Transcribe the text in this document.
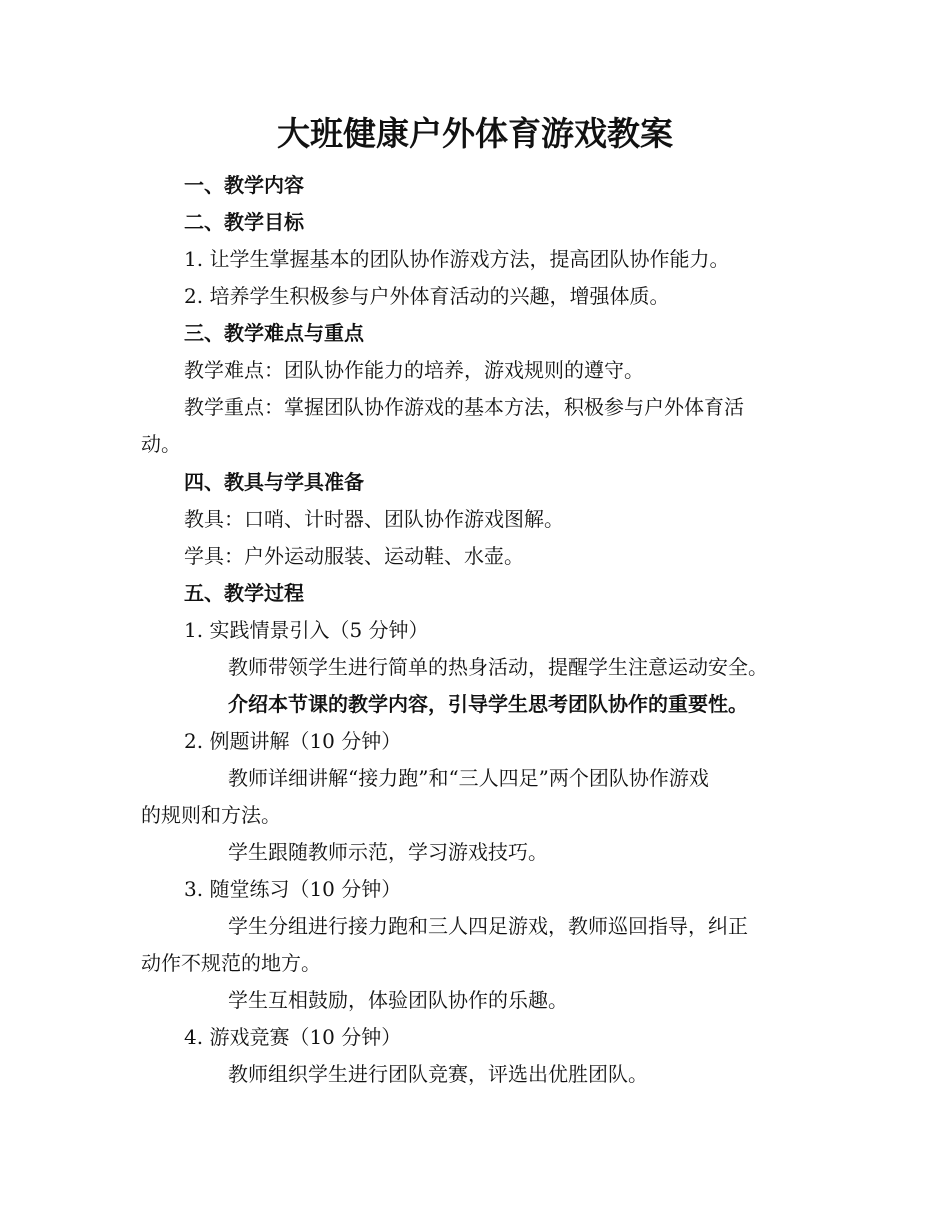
大班健康户外体育游戏教案

一、教学内容

二、教学目标

1. 让学生掌握基本的团队协作游戏方法，提高团队协作能力。

2. 培养学生积极参与户外体育活动的兴趣，增强体质。

三、教学难点与重点

教学难点：团队协作能力的培养，游戏规则的遵守。

教学重点：掌握团队协作游戏的基本方法，积极参与户外体育活

动。

四、教具与学具准备

教具：口哨、计时器、团队协作游戏图解。

学具：户外运动服装、运动鞋、水壶。

五、教学过程

1. 实践情景引入（5 分钟）

教师带领学生进行简单的热身活动，提醒学生注意运动安全。

介绍本节课的教学内容，引导学生思考团队协作的重要性。

2. 例题讲解（10 分钟）

教师详细讲解“接力跑”和“三人四足”两个团队协作游戏

的规则和方法。

学生跟随教师示范，学习游戏技巧。

3. 随堂练习（10 分钟）

学生分组进行接力跑和三人四足游戏，教师巡回指导，纠正

动作不规范的地方。

学生互相鼓励，体验团队协作的乐趣。

4. 游戏竞赛（10 分钟）

教师组织学生进行团队竞赛，评选出优胜团队。
